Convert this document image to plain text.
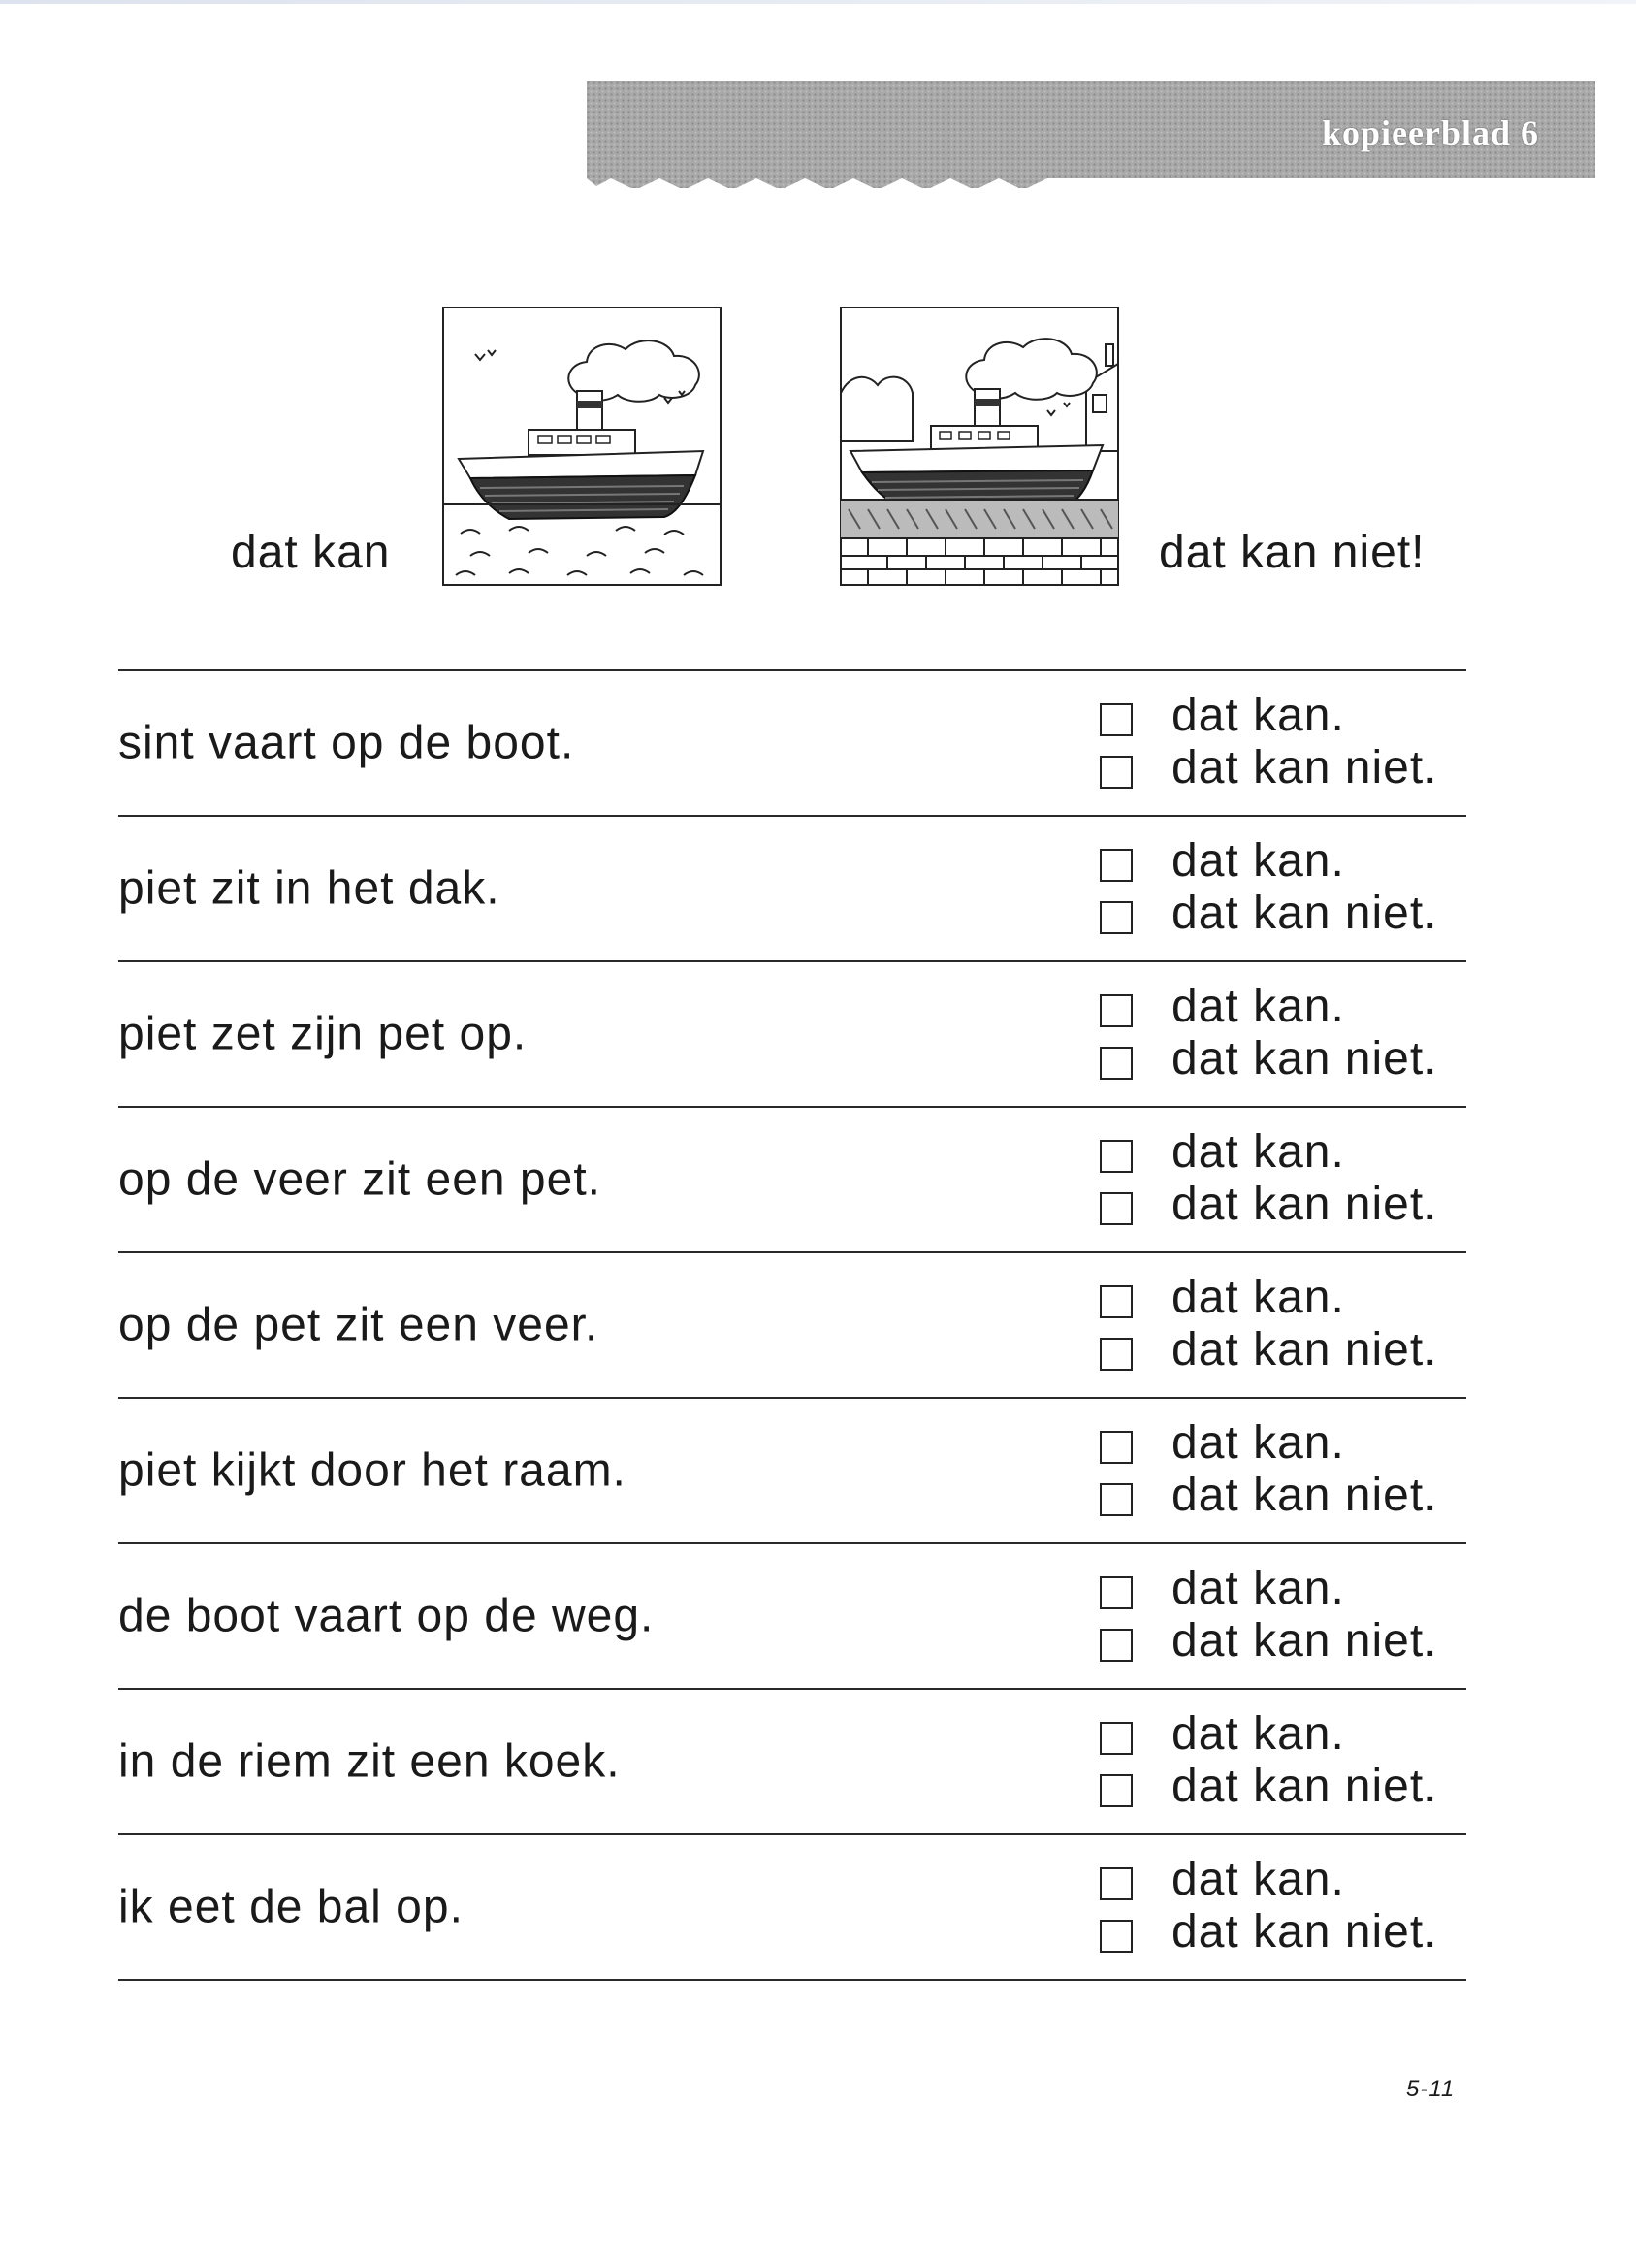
kopieerblad 6
dat kan	dat kan niet!
sint vaart op de boot.
dat kan.
dat kan niet.
piet zit in het dak.
dat kan.
dat kan niet.
piet zet zijn pet op.
dat kan.
dat kan niet.
op de veer zit een pet.
dat kan.
dat kan niet.
op de pet zit een veer.
dat kan.
dat kan niet.
piet kijkt door het raam.
dat kan.
dat kan niet.
de boot vaart op de weg.
dat kan.
dat kan niet.
in de riem zit een koek.
dat kan.
dat kan niet.
ik eet de bal op.
dat kan.
dat kan niet.
5-11
